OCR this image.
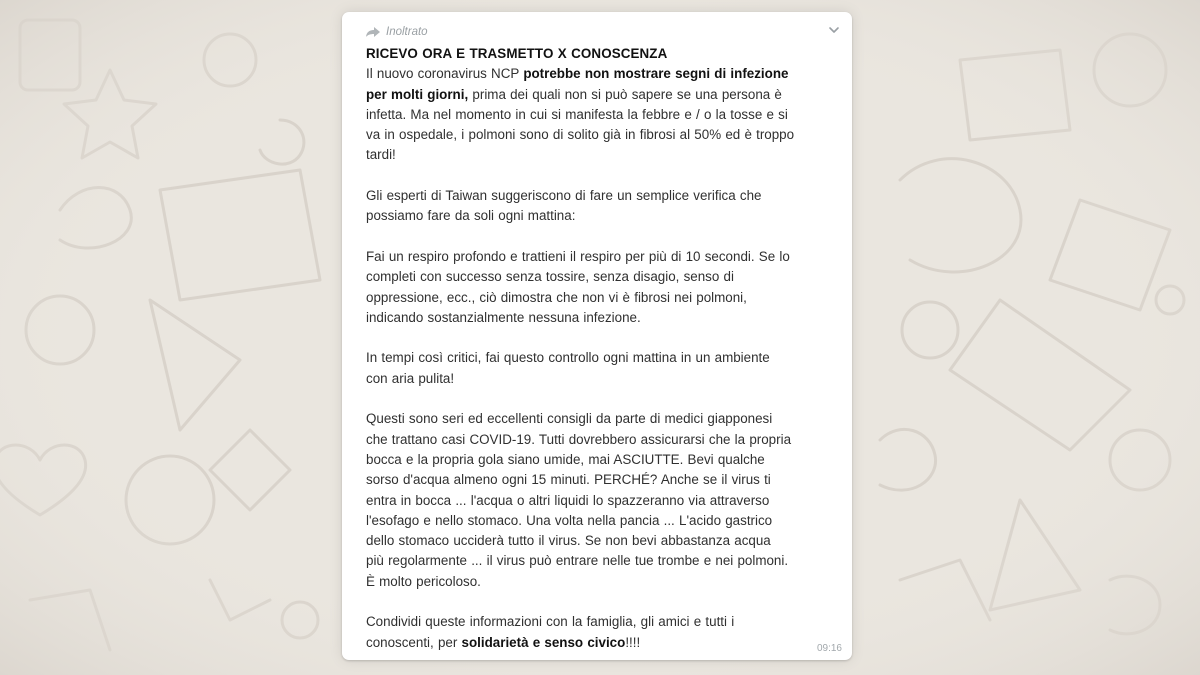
Inoltrato
RICEVO ORA E TRASMETTO X CONOSCENZA
Il nuovo coronavirus NCP potrebbe non mostrare segni di infezione
per molti giorni, prima dei quali non si può sapere se una persona è
infetta. Ma nel momento in cui si manifesta la febbre e / o la tosse e si
va in ospedale, i polmoni sono di solito già in fibrosi al 50% ed è troppo
tardi!
Gli esperti di Taiwan suggeriscono di fare un semplice verifica che
possiamo fare da soli ogni mattina:
Fai un respiro profondo e trattieni il respiro per più di 10 secondi. Se lo
completi con successo senza tossire, senza disagio, senso di
oppressione, ecc., ciò dimostra che non vi è fibrosi nei polmoni,
indicando sostanzialmente nessuna infezione.
In tempi così critici, fai questo controllo ogni mattina in un ambiente
con aria pulita!
Questi sono seri ed eccellenti consigli da parte di medici giapponesi
che trattano casi COVID-19. Tutti dovrebbero assicurarsi che la propria
bocca e la propria gola siano umide, mai ASCIUTTE. Bevi qualche
sorso d'acqua almeno ogni 15 minuti. PERCHÉ? Anche se il virus ti
entra in bocca ... l'acqua o altri liquidi lo spazzeranno via attraverso
l'esofago e nello stomaco. Una volta nella pancia ... L'acido gastrico
dello stomaco ucciderà tutto il virus. Se non bevi abbastanza acqua
più regolarmente ... il virus può entrare nelle tue trombe e nei polmoni.
È molto pericoloso.
Condividi queste informazioni con la famiglia, gli amici e tutti i
conoscenti, per solidarietà e senso civico!!!!	09:16
